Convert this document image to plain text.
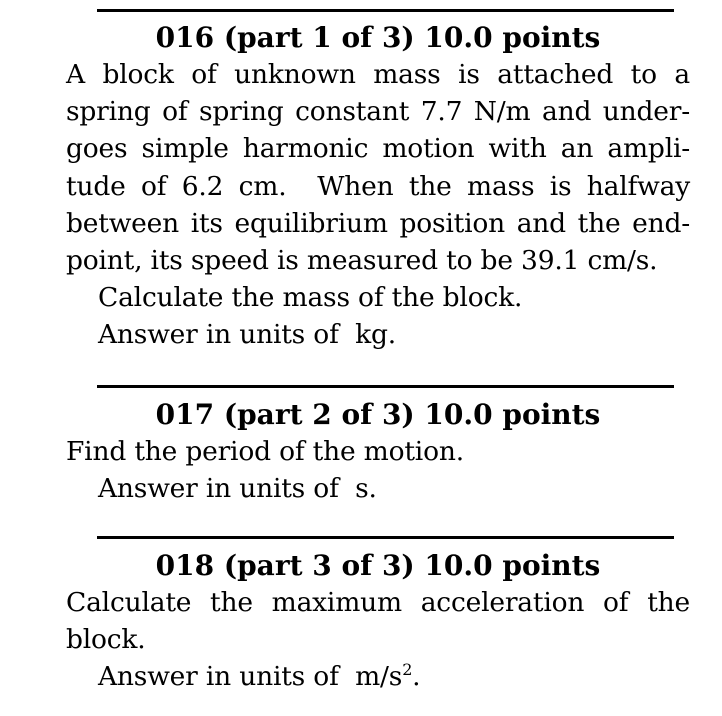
016 (part 1 of 3) 10.0 points
A block of unknown mass is attached to a
spring of spring constant 7.7 N/m and under-
goes simple harmonic motion with an ampli-
tude of 6.2 cm.  When the mass is halfway
between its equilibrium position and the end-
point, its speed is measured to be 39.1 cm/s.
Calculate the mass of the block.
Answer in units of kg.
017 (part 2 of 3) 10.0 points
Find the period of the motion.
Answer in units of s.
018 (part 3 of 3) 10.0 points
Calculate the maximum acceleration of the
block.
Answer in units of $m/s^2$.
